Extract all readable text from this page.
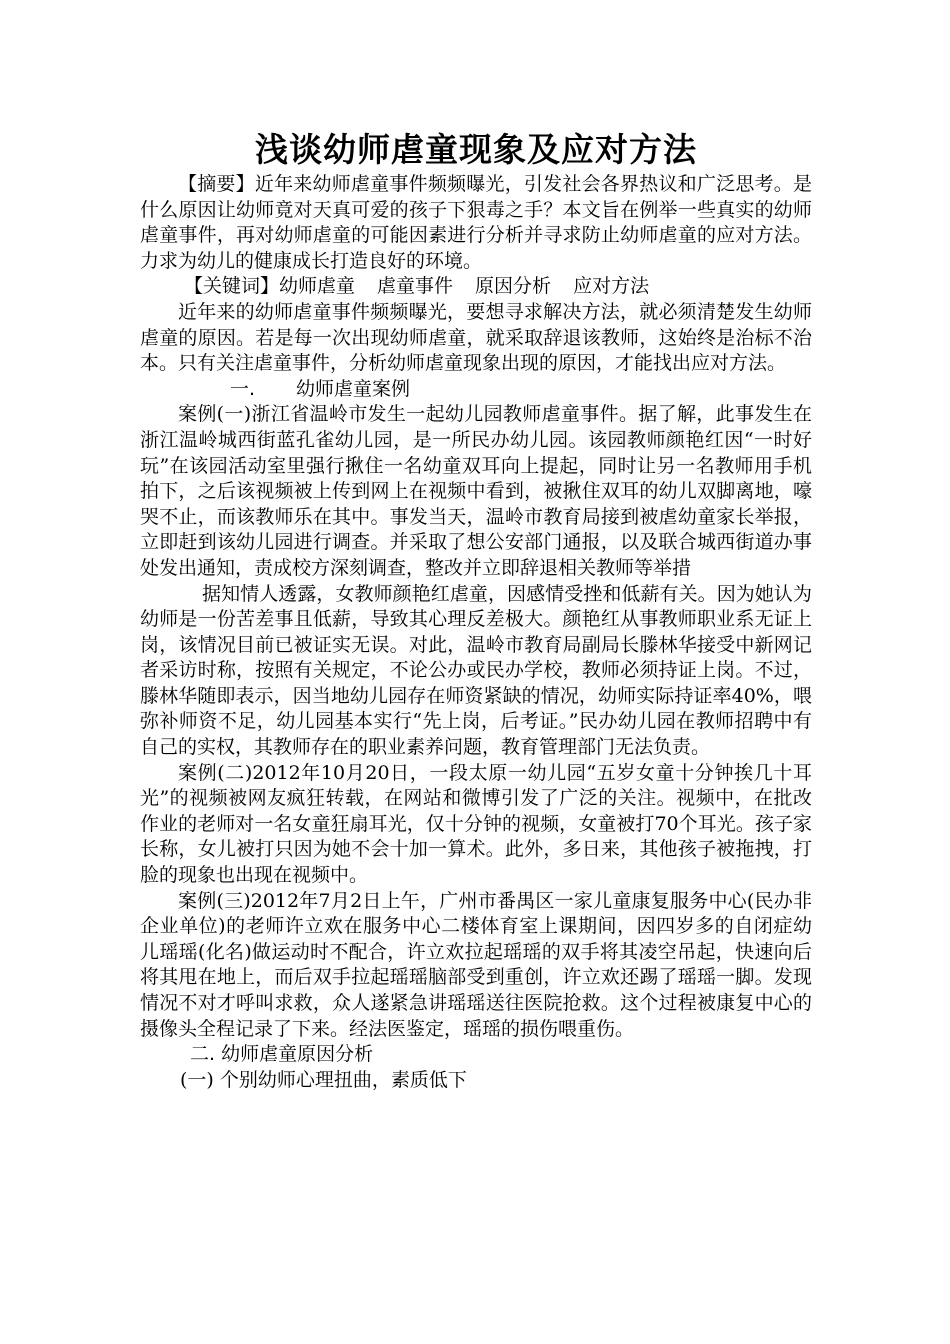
浅谈幼师虐童现象及应对方法

【摘要】近年来幼师虐童事件频频曝光，引发社会各界热议和广泛思考。是什么原因让幼师竟对天真可爱的孩子下狠毒之手？本文旨在例举一些真实的幼师虐童事件，再对幼师虐童的可能因素进行分析并寻求防止幼师虐童的应对方法。力求为幼儿的健康成长打造良好的环境。

【关键词】幼师虐童 虐童事件 原因分析 应对方法

近年来的幼师虐童事件频频曝光，要想寻求解决方法，就必须清楚发生幼师虐童的原因。若是每一次出现幼师虐童，就采取辞退该教师，这始终是治标不治本。只有关注虐童事件，分析幼师虐童现象出现的原因，才能找出应对方法。

一. 幼师虐童案例

案例(一)浙江省温岭市发生一起幼儿园教师虐童事件。据了解，此事发生在浙江温岭城西街蓝孔雀幼儿园，是一所民办幼儿园。该园教师颜艳红因“一时好玩”在该园活动室里强行揪住一名幼童双耳向上提起，同时让另一名教师用手机拍下，之后该视频被上传到网上在视频中看到，被揪住双耳的幼儿双脚离地，嚎哭不止，而该教师乐在其中。事发当天，温岭市教育局接到被虐幼童家长举报，立即赶到该幼儿园进行调查。并采取了想公安部门通报，以及联合城西街道办事处发出通知，责成校方深刻调查，整改并立即辞退相关教师等举措

据知情人透露，女教师颜艳红虐童，因感情受挫和低薪有关。因为她认为幼师是一份苦差事且低薪，导致其心理反差极大。颜艳红从事教师职业系无证上岗，该情况目前已被证实无误。对此，温岭市教育局副局长滕林华接受中新网记者采访时称，按照有关规定，不论公办或民办学校，教师必须持证上岗。不过，滕林华随即表示，因当地幼儿园存在师资紧缺的情况，幼师实际持证率40%，喂弥补师资不足，幼儿园基本实行“先上岗，后考证。”民办幼儿园在教师招聘中有自己的实权，其教师存在的职业素养问题，教育管理部门无法负责。

案例(二)2012年10月20日，一段太原一幼儿园“五岁女童十分钟挨几十耳光”的视频被网友疯狂转载，在网站和微博引发了广泛的关注。视频中，在批改作业的老师对一名女童狂扇耳光，仅十分钟的视频，女童被打70个耳光。孩子家长称，女儿被打只因为她不会十加一算术。此外，多日来，其他孩子被拖拽，打脸的现象也出现在视频中。

案例(三)2012年7月2日上午，广州市番禺区一家儿童康复服务中心(民办非企业单位)的老师许立欢在服务中心二楼体育室上课期间，因四岁多的自闭症幼儿瑶瑶(化名)做运动时不配合，许立欢拉起瑶瑶的双手将其凌空吊起，快速向后将其甩在地上，而后双手拉起瑶瑶脑部受到重创，许立欢还踢了瑶瑶一脚。发现情况不对才呼叫求救，众人遂紧急讲瑶瑶送往医院抢救。这个过程被康复中心的摄像头全程记录了下来。经法医鉴定，瑶瑶的损伤喂重伤。

二. 幼师虐童原因分析

(一) 个别幼师心理扭曲，素质低下
